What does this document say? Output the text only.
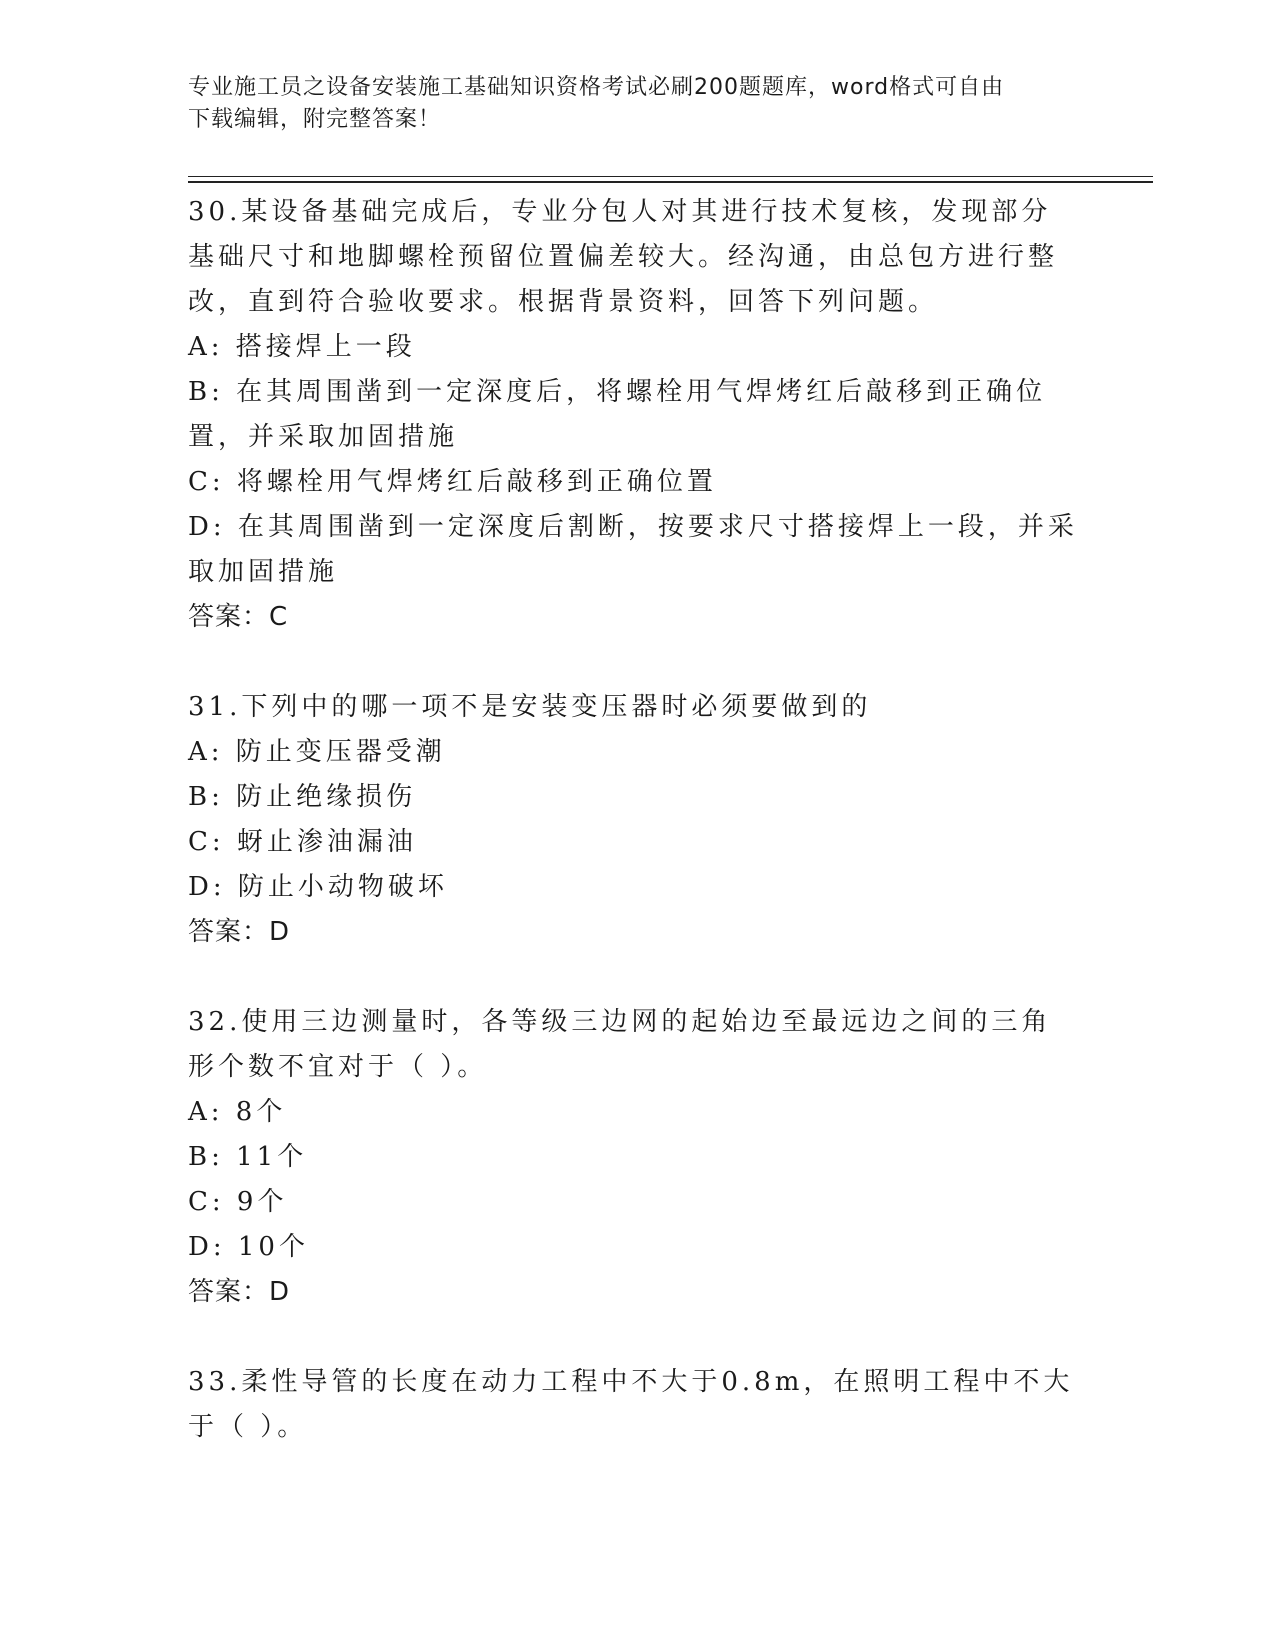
专业施工员之设备安装施工基础知识资格考试必刷200题题库，word格式可自由
下载编辑，附完整答案！

30.某设备基础完成后，专业分包人对其进行技术复核，发现部分基础尺寸和地脚螺栓预留位置偏差较大。经沟通，由总包方进行整改，直到符合验收要求。根据背景资料，回答下列问题。

A: 搭接焊上一段

B: 在其周围凿到一定深度后，将螺栓用气焊烤红后敲移到正确位置，并采取加固措施

C: 将螺栓用气焊烤红后敲移到正确位置

D: 在其周围凿到一定深度后割断，按要求尺寸搭接焊上一段，并采取加固措施

答案：C

31.下列中的哪一项不是安装变压器时必须要做到的

A: 防止变压器受潮

B: 防止绝缘损伤

C: 蚜止渗油漏油

D: 防止小动物破坏

答案：D

32.使用三边测量时，各等级三边网的起始边至最远边之间的三角形个数不宜对于（ ）。

A: 8个

B: 11个

C: 9个

D: 10个

答案：D

33.柔性导管的长度在动力工程中不大于0.8m，在照明工程中不大于（ ）。
